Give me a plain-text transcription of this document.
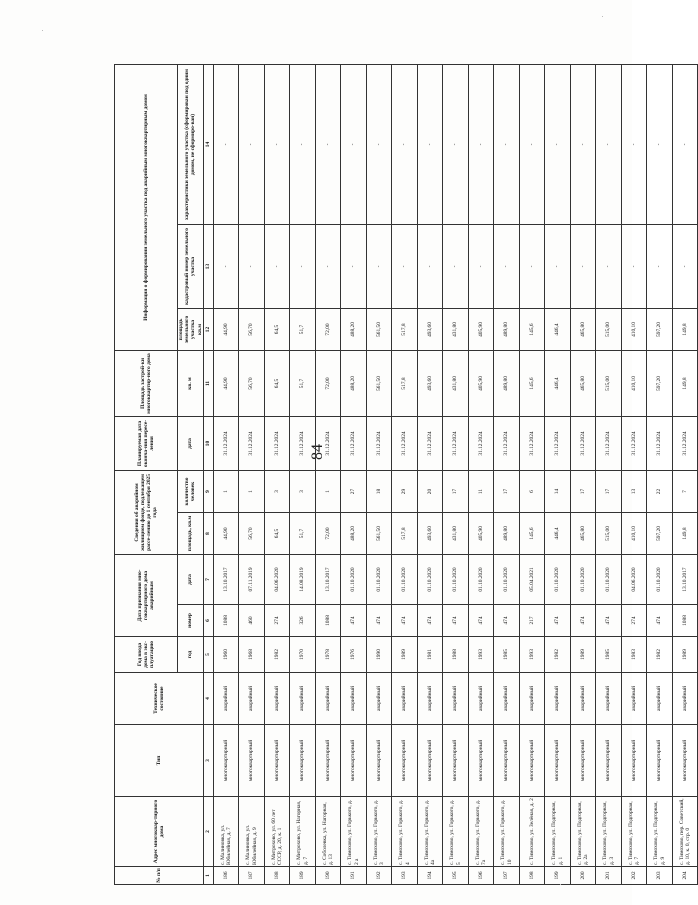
84
№ п/п	Адрес многоквар-тирного дома	Тип	Техническое состояние	Год ввода дома в экс-плуатацию	Дата признания мно-гоквартирного дома аварийным		Сведения об аварийном жилищном фонде, подлежащем рассе-лению до 1 сентября 2025 года		Планируемая дата оконча-ния пересе-ления	Площадь застрой-ки многоквартир-ного дома	Информация о формировании земельного участка под аварийным многоквартирным домом		
				год	номер	дата	площадь, кв.м	количество человек	дата	кв. м	площадь земельного участка
кв.м	кадастровый номер земельного участка	характеристики земельного участка (сформирован под одним домом, не сформиро-ван)
1	2	3	4	5	6	7	8	9	10	11	12	13	14
186	с. Малиновка, ул. Юбилейная, д. 7	многоквартирный	аварийный	1960	1088	13.10.2017	44,90	1	31.12.2024	44,90	44,90	-	-
187	с. Малиновка, ул. Юбилейная, д. 9	многоквартирный	аварийный	1968	460	07.11.2019	56,70	1	31.12.2024	56,70	56,70	-	-
188	с. Митрохово, ул. 60 лет СССР, д. 20, к. 1	многоквартирный	аварийный	1982	274	04.06.2020	64,5	3	31.12.2024	64,5	64,5	-	-
189	с. Митрохово, ул. Нагорная, д. 7	многоквартирный	аварийный	1970	326	14.08.2019	51,7	3	31.12.2024	51,7	51,7	-	-
190	с. Соболевка, ул. Нагорная, д. 13	многоквартирный	аварийный	1978	1088	13.10.2017	72,00	1	31.12.2024	72,00	72,00	-	-
191	с. Тимохово, ул. Горького, д. 2 а	многоквартирный	аварийный	1976	474	01.10.2020	488,20	27	31.12.2024	488,20	488,20	-	-
192	с. Тимохово, ул. Горького, д. 3	многоквартирный	аварийный	1990	474	01.10.2020	561,50	18	31.12.2024	561,50	561,50	-	-
193	с. Тимохово, ул. Горького, д. 4	многоквартирный	аварийный	1989	474	01.10.2020	517,8	29	31.12.2024	517,8	517,8	-	-
194	с. Тимохово, ул. Горького, д. 4а	многоквартирный	аварийный	1981	474	01.10.2020	493,60	20	31.12.2024	493,60	493,60	-	-
195	с. Тимохово, ул. Горького, д. 5	многоквартирный	аварийный	1988	474	01.10.2020	431,80	17	31.12.2024	431,80	431,80	-	-
196	с. Тимохово, ул. Горького, д. 7а	многоквартирный	аварийный	1993	474	01.10.2020	405,90	11	31.12.2024	405,90	405,90	-	-
197	с. Тимохово, ул. Горького, д. 10	многоквартирный	аварийный	1985	474	01.10.2020	489,80	17	31.12.2024	489,80	489,80	-	-
198	с. Тимохово, ул. Зелёная, д. 2	многоквартирный	аварийный	1993	217	05.04.2021	145,6	6	31.12.2024	145,6	145,6	-	-
199	с. Тимохово, ул. Подгорная, д. 1	многоквартирный	аварийный	1982	474	01.10.2020	446,4	14	31.12.2024	446,4	446,4	-	-
200	с. Тимохово, ул. Подгорная, д. 2а	многоквартирный	аварийный	1989	474	01.10.2020	465,80	17	31.12.2024	465,80	465,80	-	-
201	с. Тимохово, ул. Подгорная, д. 3	многоквартирный	аварийный	1985	474	01.10.2020	515,00	17	31.12.2024	515,00	515,00	-	-
202	с. Тимохово, ул. Подгорная, д. 7	многоквартирный	аварийный	1983	274	04.06.2020	410,10	13	31.12.2024	410,10	410,10	-	-
203	с. Тимохово, ул. Подгорная, д. 9	многоквартирный	аварийный	1982	474	01.10.2020	597,20	22	31.12.2024	597,20	597,20	-	-
204	с. Тимохово, пер. Советский, д. 10, к. 0, стр. 0	многоквартирный	аварийный	1989	1088	13.10.2017	149,8	7	31.12.2024	149,8	149,8	-	-
